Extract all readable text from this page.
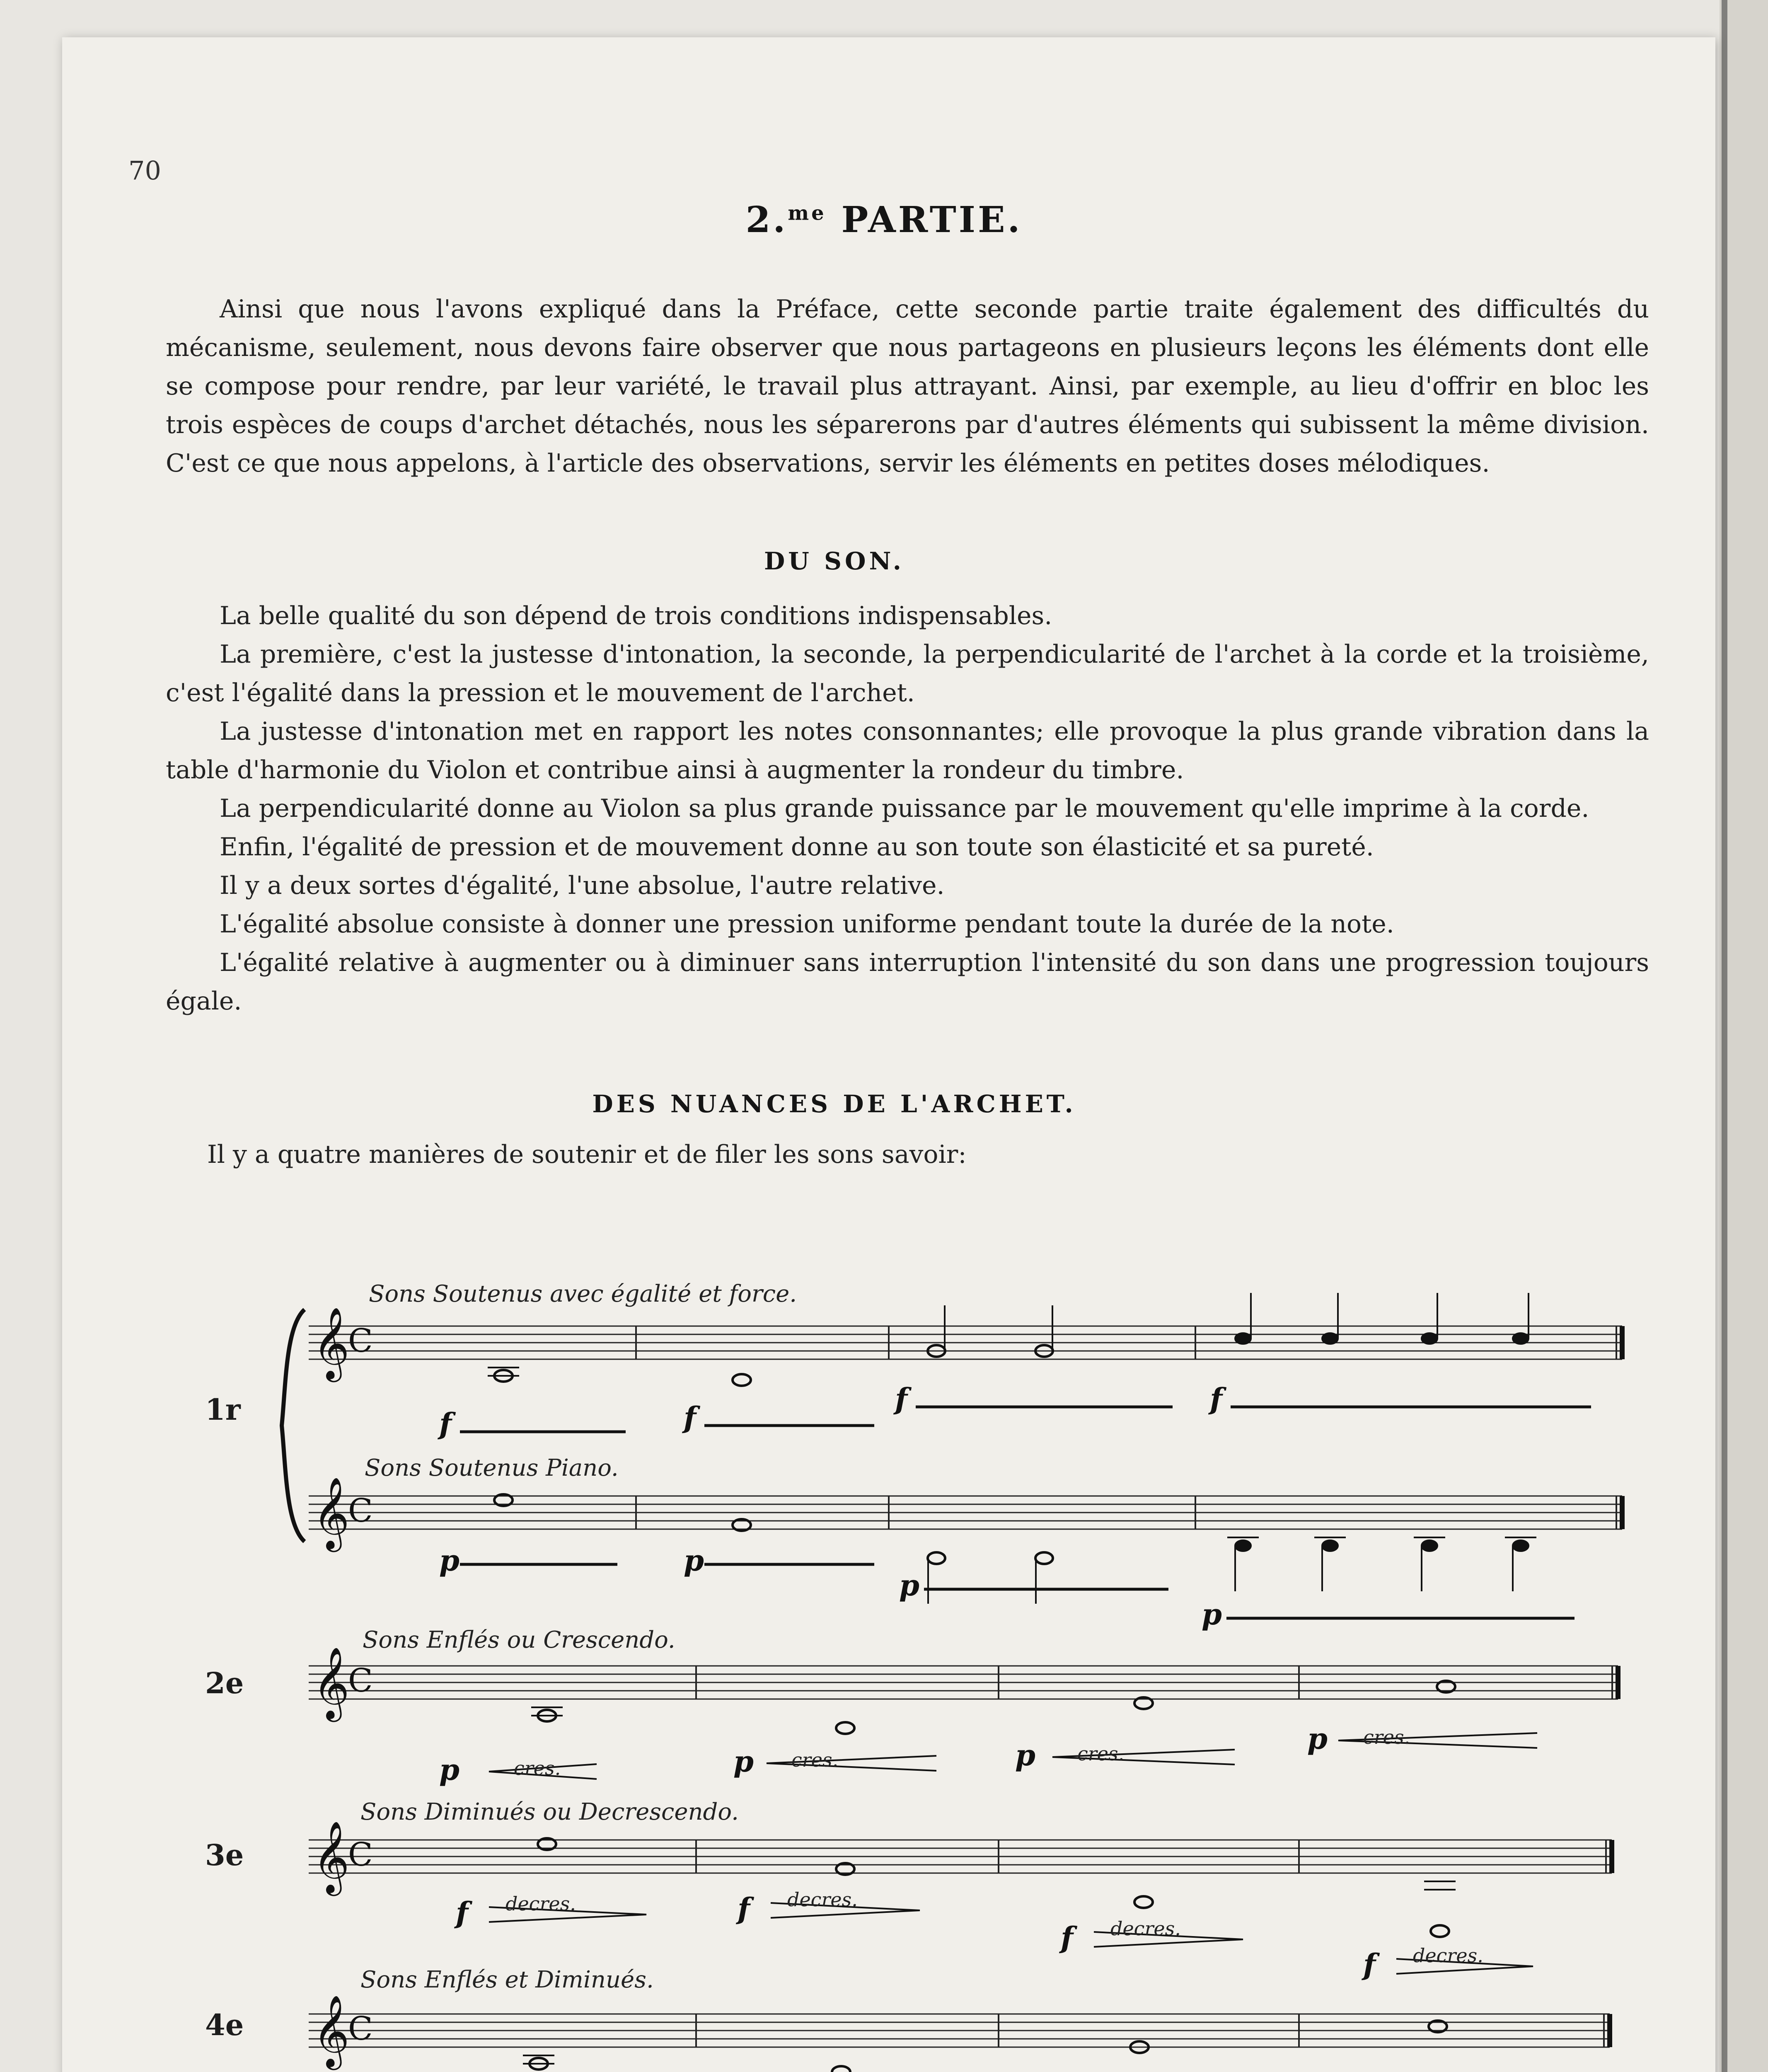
70
2.$^{me}$ PARTIE.

Ainsi que nous l'avons expliqué dans la Préface, cette seconde partie traite également des difficultés du mécanisme, seulement, nous devons faire observer que nous partageons en plusieurs leçons les éléments dont elle se compose pour rendre, par leur variété, le travail plus attrayant. Ainsi, par exemple, au lieu d'offrir en bloc les trois espèces de coups d'archet détachés, nous les séparerons par d'autres éléments qui subissent la même division. C'est ce que nous appelons, à l'article des observations, servir les éléments en petites doses mélodiques.

DU SON.

La belle qualité du son dépend de trois conditions indispensables.

La première, c'est la justesse d'intonation, la seconde, la perpendicularité de l'archet à la corde et la troisième, c'est l'égalité dans la pression et le mouvement de l'archet.

La justesse d'intonation met en rapport les notes consonnantes; elle provoque la plus grande vibration dans la table d'harmonie du Violon et contribue ainsi à augmenter la rondeur du timbre.

La perpendicularité donne au Violon sa plus grande puissance par le mouvement qu'elle imprime à la corde.

Enfin, l'égalité de pression et de mouvement donne au son toute son élasticité et sa pureté.

Il y a deux sortes d'égalité, l'une absolue, l'autre relative.

L'égalité absolue consiste à donner une pression uniforme pendant toute la durée de la note.

L'égalité relative à augmenter ou à diminuer sans interruption l'intensité du son dans une progression toujours égale.

DES NUANCES DE L'ARCHET.

Il y a quatre manières de soutenir et de filer les sons savoir:

1r
2e
3e
4e
Sons Soutenus avec égalité et force.
Sons Soutenus Piano.
Sons Enflés ou Crescendo.
Sons Diminués ou Decrescendo.
Sons Enflés et Diminués.
𝄞
C
f	f
f	f
𝄞
C
p	p
p
p
𝄞
C
p	cres.	p cres.	p cres.	p cres.
𝄞
C
f decres.	f decres.
f decres.
f decres.
𝄞
C
